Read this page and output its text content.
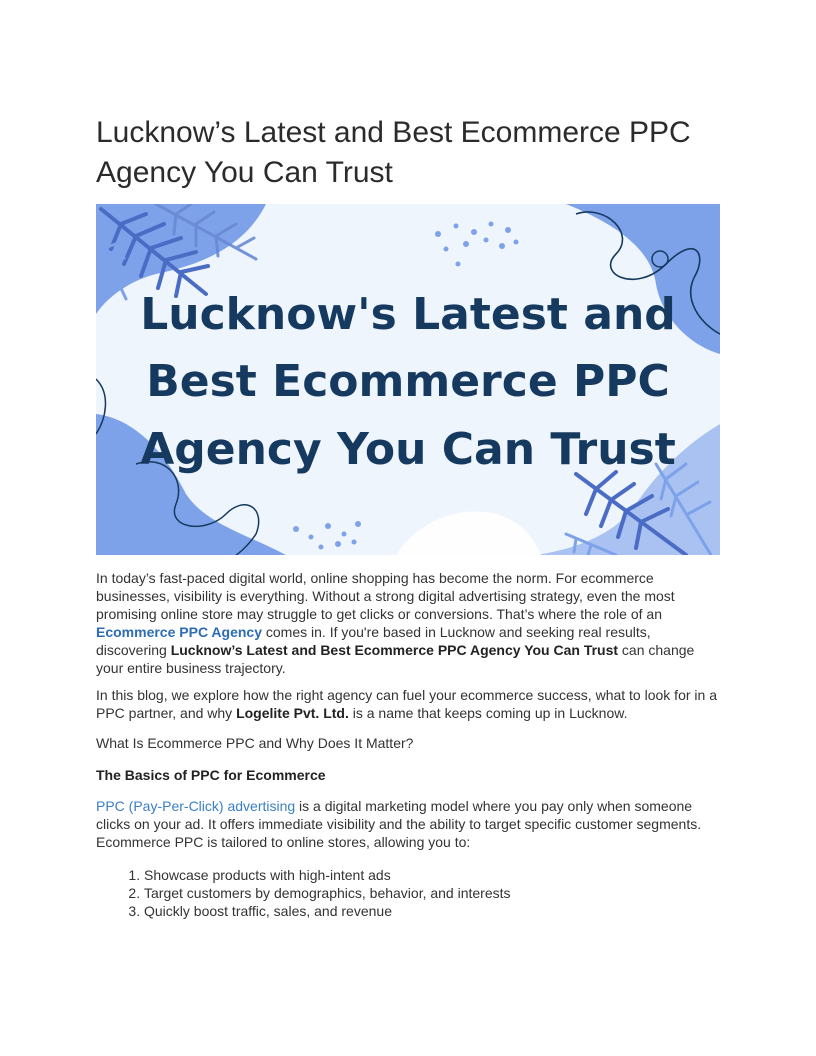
Lucknow’s Latest and Best Ecommerce PPC Agency You Can Trust
Lucknow's Latest and
Best Ecommerce PPC
Agency You Can Trust

In today’s fast-paced digital world, online shopping has become the norm. For ecommerce businesses, visibility is everything. Without a strong digital advertising strategy, even the most promising online store may struggle to get clicks or conversions. That’s where the role of an Ecommerce PPC Agency comes in. If you're based in Lucknow and seeking real results, discovering Lucknow’s Latest and Best Ecommerce PPC Agency You Can Trust can change your entire business trajectory.

In this blog, we explore how the right agency can fuel your ecommerce success, what to look for in a PPC partner, and why Logelite Pvt. Ltd. is a name that keeps coming up in Lucknow.

What Is Ecommerce PPC and Why Does It Matter?

The Basics of PPC for Ecommerce

PPC (Pay-Per-Click) advertising is a digital marketing model where you pay only when someone clicks on your ad. It offers immediate visibility and the ability to target specific customer segments. Ecommerce PPC is tailored to online stores, allowing you to:

1. Showcase products with high-intent ads
2. Target customers by demographics, behavior, and interests
3. Quickly boost traffic, sales, and revenue
